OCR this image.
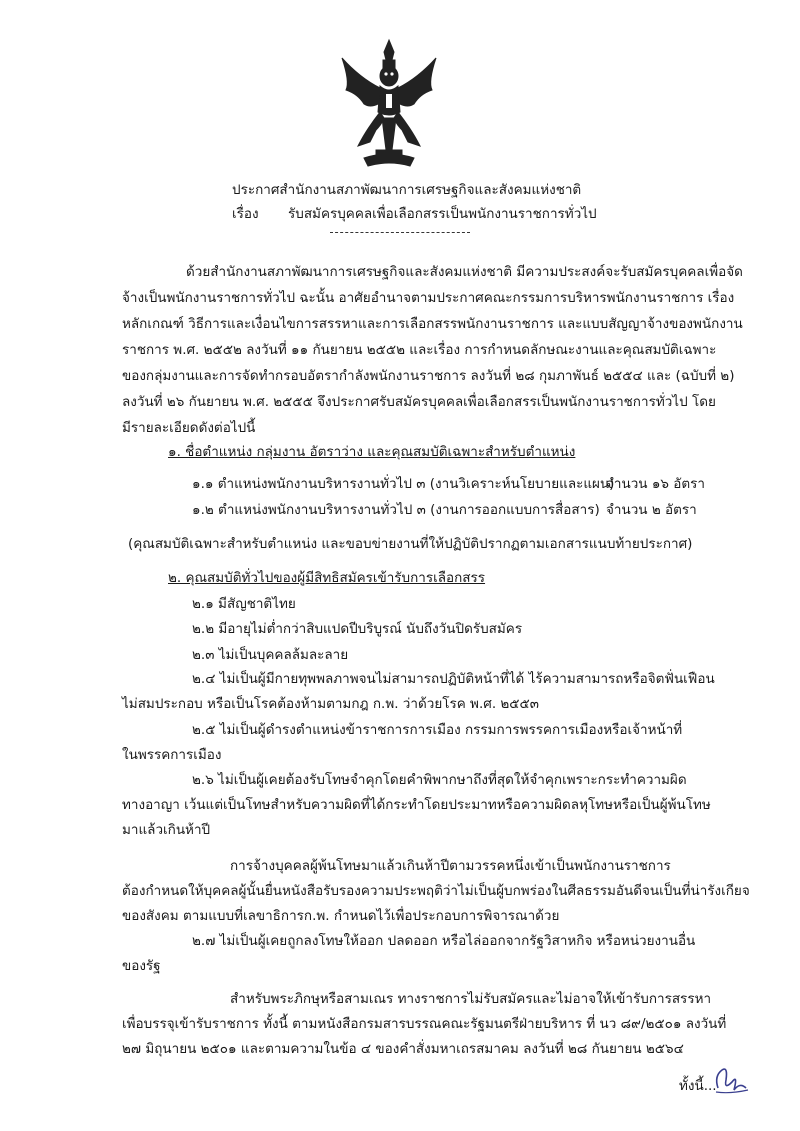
ประกาศสำนักงานสภาพัฒนาการเศรษฐกิจและสังคมแห่งชาติ
เรื่อง รับสมัครบุคคลเพื่อเลือกสรรเป็นพนักงานราชการทั่วไป
ด้วยสำนักงานสภาพัฒนาการเศรษฐกิจและสังคมแห่งชาติ มีความประสงค์จะรับสมัครบุคคลเพื่อจัด
จ้างเป็นพนักงานราชการทั่วไป ฉะนั้น อาศัยอำนาจตามประกาศคณะกรรมการบริหารพนักงานราชการ เรื่อง
หลักเกณฑ์ วิธีการและเงื่อนไขการสรรหาและการเลือกสรรพนักงานราชการ และแบบสัญญาจ้างของพนักงาน
ราชการ พ.ศ. ๒๕๕๒ ลงวันที่ ๑๑ กันยายน ๒๕๕๒ และเรื่อง การกำหนดลักษณะงานและคุณสมบัติเฉพาะ
ของกลุ่มงานและการจัดทำกรอบอัตรากำลังพนักงานราชการ ลงวันที่ ๒๘ กุมภาพันธ์ ๒๕๕๔ และ (ฉบับที่ ๒)
ลงวันที่ ๒๖ กันยายน พ.ศ. ๒๕๕๕ จึงประกาศรับสมัครบุคคลเพื่อเลือกสรรเป็นพนักงานราชการทั่วไป โดย
มีรายละเอียดดังต่อไปนี้
๑. ชื่อตำแหน่ง กลุ่มงาน อัตราว่าง และคุณสมบัติเฉพาะสำหรับตำแหน่ง
๑.๑ ตำแหน่งพนักงานบริหารงานทั่วไป ๓ (งานวิเคราะห์นโยบายและแผน)
จำนวน ๑๖ อัตรา
๑.๒ ตำแหน่งพนักงานบริหารงานทั่วไป ๓ (งานการออกแบบการสื่อสาร) จำนวน ๒ อัตรา
(คุณสมบัติเฉพาะสำหรับตำแหน่ง และขอบข่ายงานที่ให้ปฏิบัติปรากฏตามเอกสารแนบท้ายประกาศ)
๒. คุณสมบัติทั่วไปของผู้มีสิทธิสมัครเข้ารับการเลือกสรร
๒.๑ มีสัญชาติไทย
๒.๒ มีอายุไม่ต่ำกว่าสิบแปดปีบริบูรณ์ นับถึงวันปิดรับสมัคร
๒.๓ ไม่เป็นบุคคลล้มละลาย
๒.๔ ไม่เป็นผู้มีกายทุพพลภาพจนไม่สามารถปฏิบัติหน้าที่ได้ ไร้ความสามารถหรือจิตฟั่นเฟือน
ไม่สมประกอบ หรือเป็นโรคต้องห้ามตามกฎ ก.พ. ว่าด้วยโรค พ.ศ. ๒๕๕๓
๒.๕ ไม่เป็นผู้ดำรงตำแหน่งข้าราชการการเมือง กรรมการพรรคการเมืองหรือเจ้าหน้าที่
ในพรรคการเมือง
๒.๖ ไม่เป็นผู้เคยต้องรับโทษจำคุกโดยคำพิพากษาถึงที่สุดให้จำคุกเพราะกระทำความผิด
ทางอาญา เว้นแต่เป็นโทษสำหรับความผิดที่ได้กระทำโดยประมาทหรือความผิดลหุโทษหรือเป็นผู้พ้นโทษ
มาแล้วเกินห้าปี
การจ้างบุคคลผู้พ้นโทษมาแล้วเกินห้าปีตามวรรคหนึ่งเข้าเป็นพนักงานราชการ
ต้องกำหนดให้บุคคลผู้นั้นยื่นหนังสือรับรองความประพฤติว่าไม่เป็นผู้บกพร่องในศีลธรรมอันดีจนเป็นที่น่ารังเกียจ
ของสังคม ตามแบบที่เลขาธิการก.พ. กำหนดไว้เพื่อประกอบการพิจารณาด้วย
๒.๗ ไม่เป็นผู้เคยถูกลงโทษให้ออก ปลดออก หรือไล่ออกจากรัฐวิสาหกิจ หรือหน่วยงานอื่น
ของรัฐ
สำหรับพระภิกษุหรือสามเณร ทางราชการไม่รับสมัครและไม่อาจให้เข้ารับการสรรหา
เพื่อบรรจุเข้ารับราชการ ทั้งนี้ ตามหนังสือกรมสารบรรณคณะรัฐมนตรีฝ่ายบริหาร ที่ นว ๘๙/๒๕๐๑ ลงวันที่
๒๗ มิถุนายน ๒๕๐๑ และตามความในข้อ ๔ ของคำสั่งมหาเถรสมาคม ลงวันที่ ๒๘ กันยายน ๒๕๖๔
ทั้งนี้...
